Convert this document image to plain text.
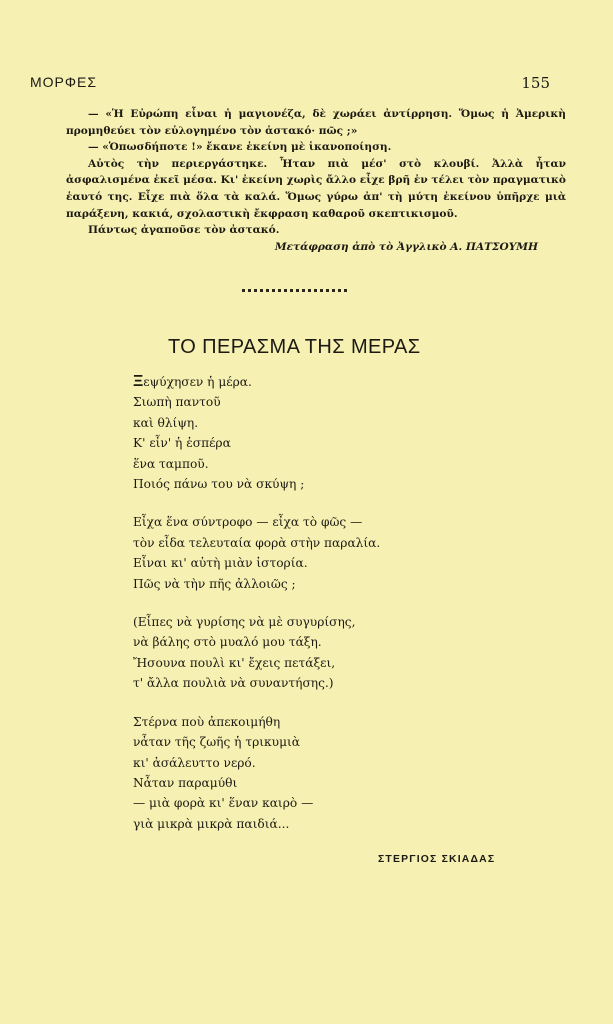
ΜΟΡΦΕΣ	155

— «Ἡ Εὐρώπη εἶναι ἡ μαγιονέζα, δὲ χωράει ἀντίρρηση. Ὅμως ἡ Ἀμερικὴ προμηθεύει τὸν εὐλογημένο τὸν ἀστακό· πῶς ;»

— «Ὁπωσδήποτε !» ἔκανε ἐκείνη μὲ ἱκανοποίηση.

Αὐτὸς τὴν περιεργάστηκε. Ἦταν πιὰ μέσ' στὸ κλουβί. Ἀλλὰ ἦταν ἀσφαλισμένα ἐκεῖ μέσα. Κι' ἐκείνη χωρὶς ἄλλο εἶχε βρῆ ἐν τέλει τὸν πραγματικὸ ἑαυτό της. Εἶχε πιὰ ὅλα τὰ καλά. Ὅμως γύρω ἀπ' τὴ μύτη ἐκείνου ὑπῆρχε μιὰ παράξενη, κακιά, σχολαστικὴ ἔκφραση καθαροῦ σκεπτικισμοῦ.

Πάντως ἀγαποῦσε τὸν ἀστακό.

Μετάφραση ἀπὸ τὸ Ἀγγλικὸ Α. ΠΑΤΣΟΥΜΗ

ΤΟ ΠΕΡΑΣΜΑ ΤΗΣ ΜΕΡΑΣ
Ξεψύχησεν ἡ μέρα.
Σιωπὴ παντοῦ
καὶ θλίψη.
Κ' εἶν' ἡ ἑσπέρα
ἕνα ταμποῦ.
Ποιός πάνω του νὰ σκύψη ;
Εἶχα ἕνα σύντροφο — εἶχα τὸ φῶς —
τὸν εἶδα τελευταία φορὰ στὴν παραλία.
Εἶναι κι' αὐτὴ μιὰν ἱστορία.
Πῶς νὰ τὴν πῆς ἀλλοιῶς ;
(Εἶπες νὰ γυρίσης νὰ μὲ συγυρίσης,
νὰ βάλης στὸ μυαλό μου τάξη.
Ἤσουνα πουλὶ κι' ἔχεις πετάξει,
τ' ἄλλα πουλιὰ νὰ συναντήσης.)
Στέρνα ποὺ ἀπεκοιμήθη
νἆταν τῆς ζωῆς ἡ τρικυμιὰ
κι' ἀσάλευττο νερό.
Νἆταν παραμύθι
— μιὰ φορὰ κι' ἕναν καιρὸ —
γιὰ μικρὰ μικρὰ παιδιά...
ΣΤΕΡΓΙΟΣ ΣΚΙΑΔΑΣ
